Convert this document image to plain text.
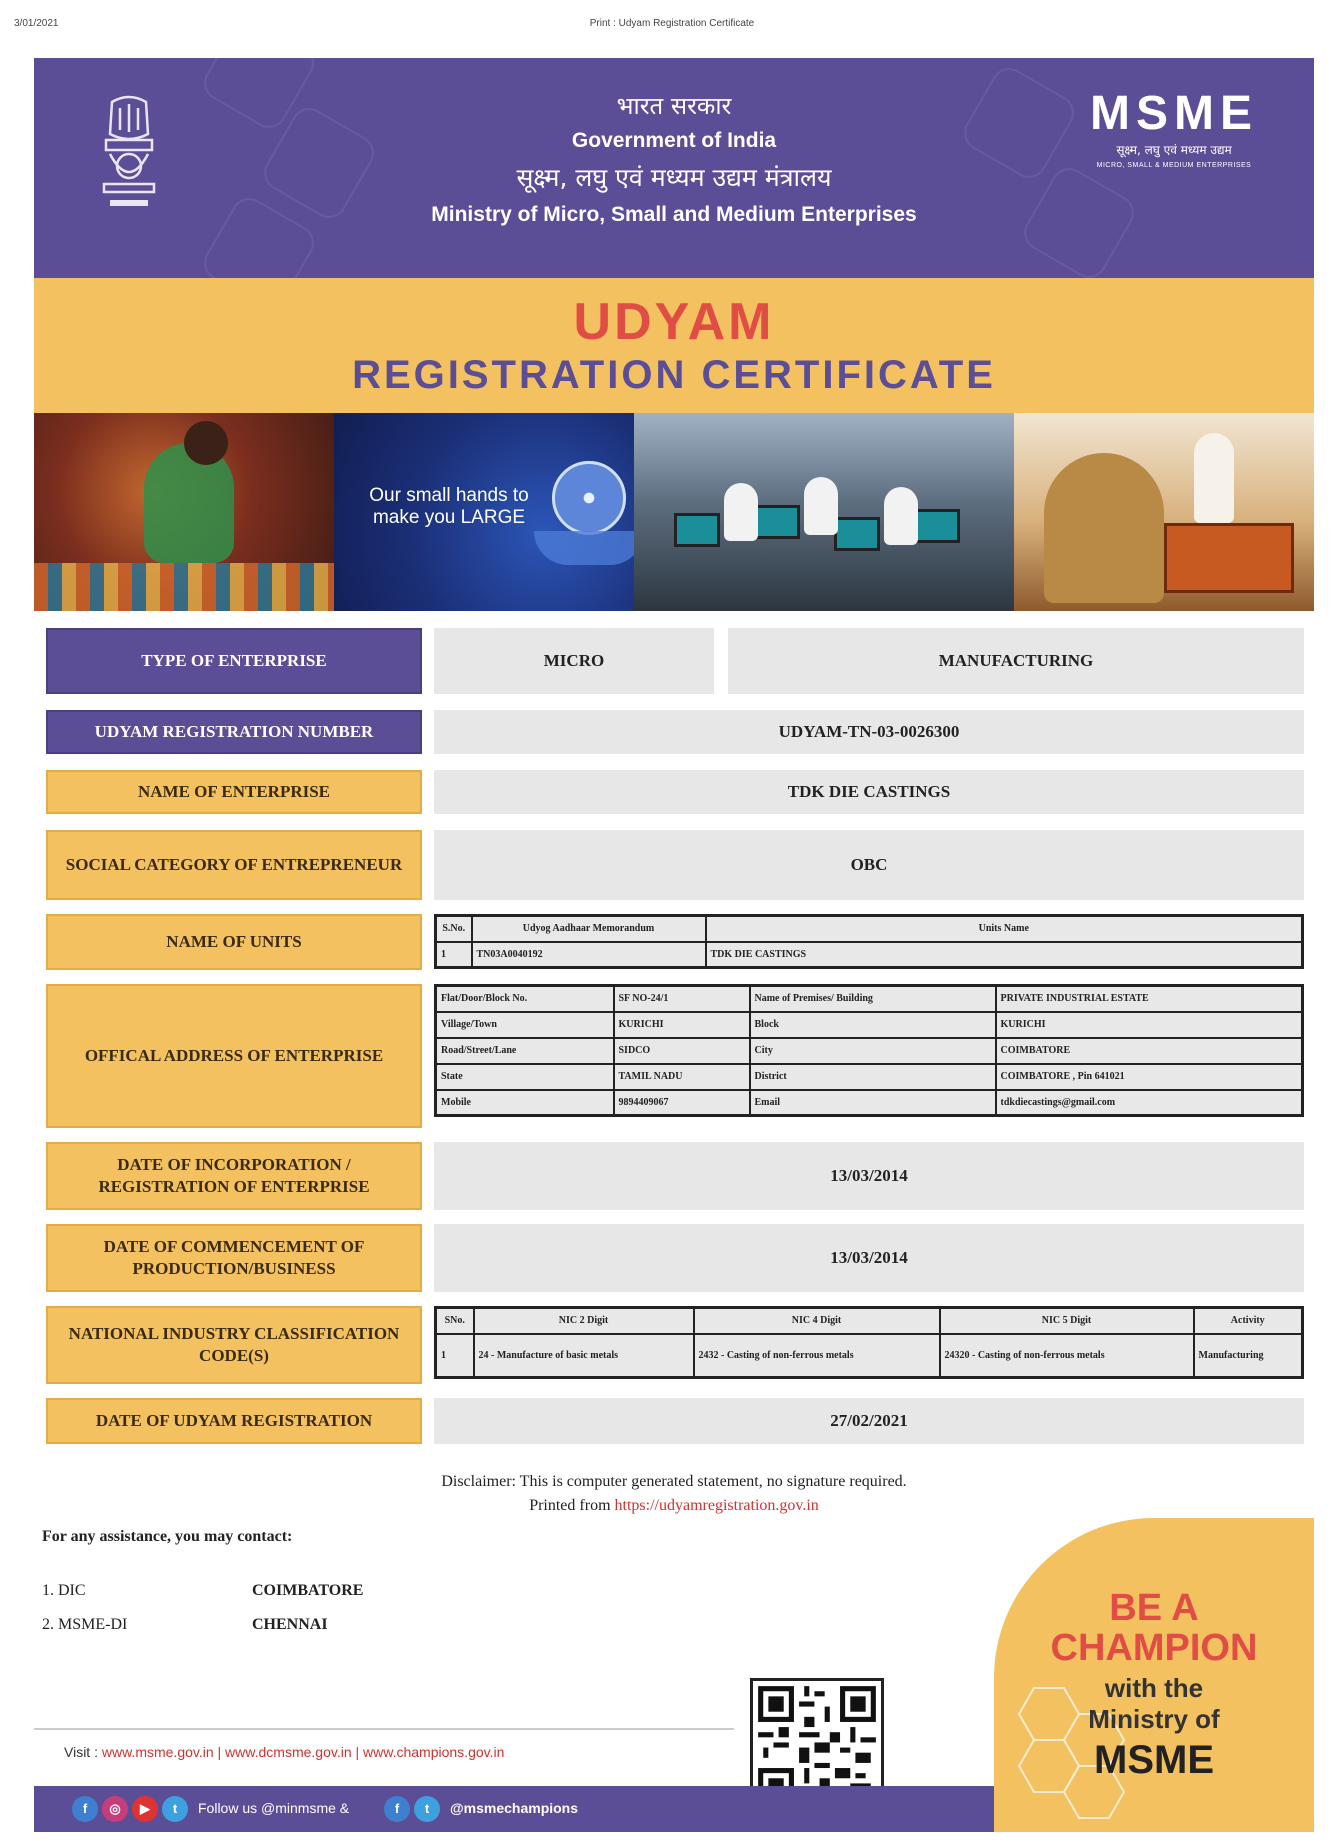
3/01/2021	Print : Udyam Registration Certificate
भारत सरकार
Government of India
सूक्ष्म, लघु एवं मध्यम उद्यम मंत्रालय
Ministry of Micro, Small and Medium Enterprises
MSME
सूक्ष्म, लघु एवं मध्यम उद्यम
MICRO, SMALL & MEDIUM ENTERPRISES
UDYAM
REGISTRATION CERTIFICATE
Our small hands to
make you LARGE
TYPE OF ENTERPRISE	MICRO	MANUFACTURING
UDYAM REGISTRATION NUMBER	UDYAM-TN-03-0026300
NAME OF ENTERPRISE	TDK DIE CASTINGS
SOCIAL CATEGORY OF ENTREPRENEUR	OBC
NAME OF UNITS
S.No.	Udyog Aadhaar Memorandum	Units Name
1	TN03A0040192	TDK DIE CASTINGS
OFFICAL ADDRESS OF ENTERPRISE
Flat/Door/Block No.	SF NO-24/1	Name of Premises/ Building	PRIVATE INDUSTRIAL ESTATE
Village/Town	KURICHI	Block	KURICHI
Road/Street/Lane	SIDCO	City	COIMBATORE
State	TAMIL NADU	District	COIMBATORE , Pin 641021
Mobile	9894409067	Email	tdkdiecastings@gmail.com
DATE OF INCORPORATION / REGISTRATION OF ENTERPRISE
13/03/2014
DATE OF COMMENCEMENT OF PRODUCTION/BUSINESS
13/03/2014
NATIONAL INDUSTRY CLASSIFICATION CODE(S)
SNo.	NIC 2 Digit	NIC 4 Digit	NIC 5 Digit	Activity
1	24 - Manufacture of basic metals	2432 - Casting of non-ferrous metals	24320 - Casting of non-ferrous metals	Manufacturing
DATE OF UDYAM REGISTRATION	27/02/2021
Disclaimer: This is computer generated statement, no signature required.
Printed from https://udyamregistration.gov.in
For any assistance, you may contact:
1. DIC	COIMBATORE
2. MSME-DI	CHENNAI	BE A
CHAMPION
with the
Ministry of
MSME
Visit : www.msme.gov.in | www.dcmsme.gov.in | www.champions.gov.in
f	◎	▶	t	Follow us @minmsme &	f	t	@msmechampions
